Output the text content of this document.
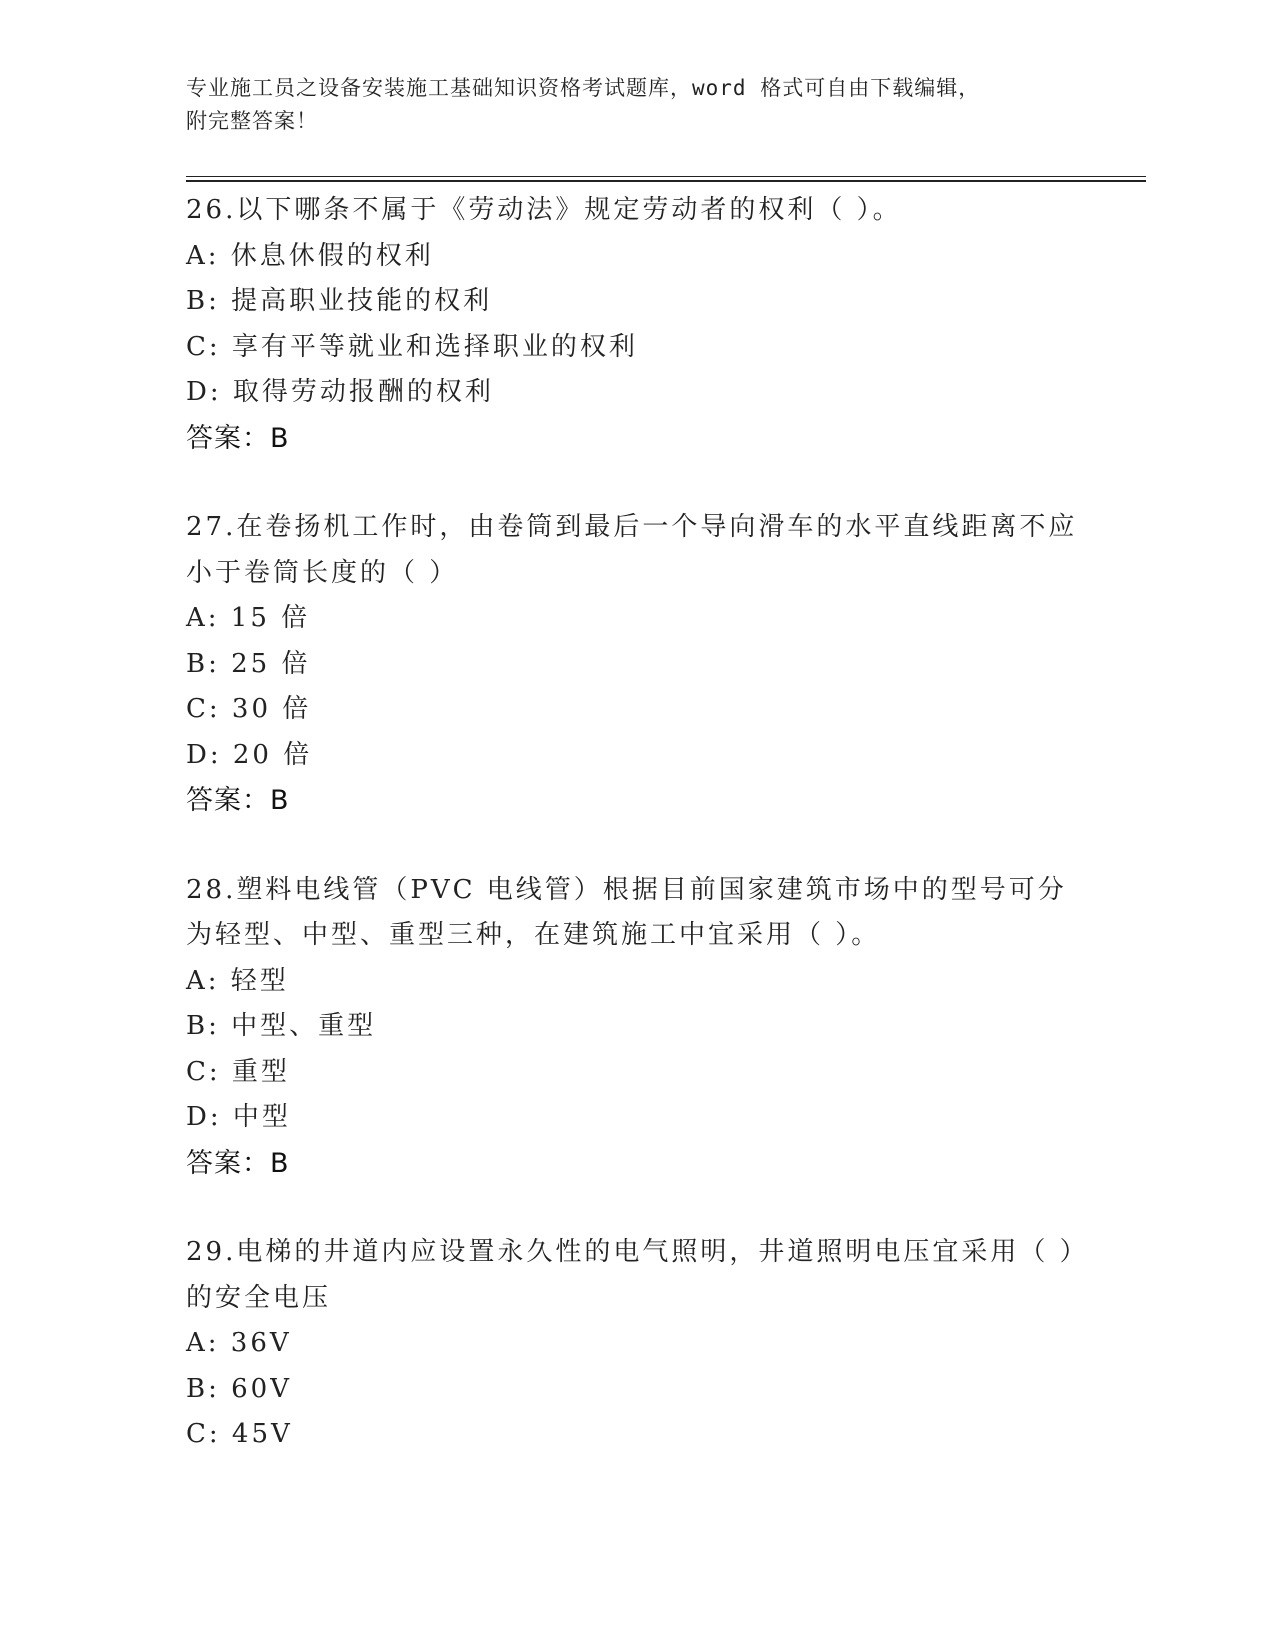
专业施工员之设备安装施工基础知识资格考试题库，word 格式可自由下载编辑，
附完整答案！
26.以下哪条不属于《劳动法》规定劳动者的权利（ ）。
A: 休息休假的权利
B: 提高职业技能的权利
C: 享有平等就业和选择职业的权利
D: 取得劳动报酬的权利
答案：B
27.在卷扬机工作时，由卷筒到最后一个导向滑车的水平直线距离不应小于卷筒长度的（ ）
A: 15 倍
B: 25 倍
C: 30 倍
D: 20 倍
答案：B
28.塑料电线管（PVC 电线管）根据目前国家建筑市场中的型号可分为轻型、中型、重型三种，在建筑施工中宜采用（ ）。
A: 轻型
B: 中型、重型
C: 重型
D: 中型
答案：B
29.电梯的井道内应设置永久性的电气照明，井道照明电压宜采用（ ）的安全电压
A: 36V
B: 60V
C: 45V
